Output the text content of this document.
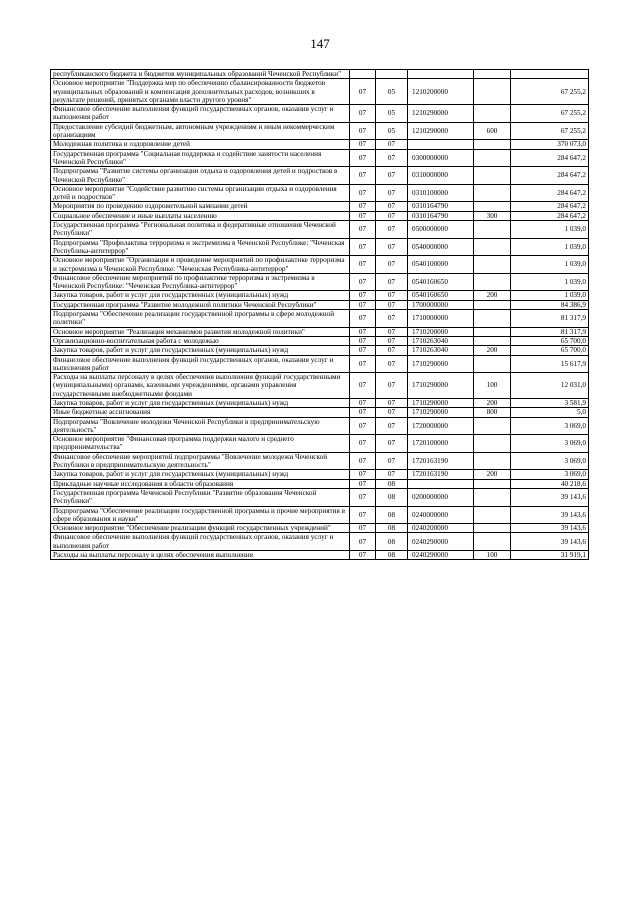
147
республиканского бюджета и бюджетов муниципальных образований Чеченской Республики"					
Основное мероприятие "Поддержка мер по обеспечению сбалансированности бюджетов муниципальных образований и компенсация дополнительных расходов, возникших в результате решений, принятых органами власти другого уровня"	07	05	1210200000		67 255,2
Финансовое обеспечение выполнения функций государственных органов, оказания услуг и выполнения работ	07	05	1210290000		67 255,2
Предоставление субсидий бюджетным, автономным учреждениям и иным некоммерческим организациям	07	05	1210290000	600	67 255,2
Молодежная политика и оздоровление детей	07	07			370 073,0
Государственная программа "Социальная поддержка и содействие занятости населения Чеченской Республики"	07	07	0300000000		284 647,2
Подпрограмма "Развитие системы организации отдыха и оздоровления детей и подростков в Чеченской Республике"	07	07	0310000000		284 647,2
Основное мероприятие "Содействие развитию системы организации отдыха и оздоровления детей и подростков"	07	07	0310100000		284 647,2
Мероприятия по проведению оздоровительной кампании детей	07	07	0310164790		284 647,2
Социальное обеспечение и иные выплаты населению	07	07	0310164790	300	284 647,2
Государственная программа "Региональная политика и федеративные отношения Чеченской Республики"	07	07	0500000000		1 039,0
Подпрограмма "Профилактика терроризма и экстремизма в Чеченской Республике: "Чеченская Республика-антитеррор"	07	07	0540000000		1 039,0
Основное мероприятие "Организация и проведение мероприятий по профилактике терроризма и экстремизма в Чеченской Республике: "Чеченская Республика-антитеррор"	07	07	0540100000		1 039,0
Финансовое обеспечение мероприятий по профилактике терроризма и экстремизма в Чеченской Республике: "Чеченская Республика-антитеррор"	07	07	0540160650		1 039,0
Закупка товаров, работ и услуг для государственных (муниципальных) нужд	07	07	0540160650	200	1 039,0
Государственная программа "Развитие молодежной политики Чеченской Республики"	07	07	1700000000		84 386,9
Подпрограмма "Обеспечение реализации государственной программы в сфере молодежной политики"	07	07	1710000000		81 317,9
Основное мероприятие "Реализация механизмов развития молодежной политики"	07	07	1710200000		81 317,9
Организационно-воспитательная работа с молодежью	07	07	1710263040		65 700,0
Закупка товаров, работ и услуг для государственных (муниципальных) нужд	07	07	1710263040	200	65 700,0
Финансовое обеспечение выполнения функций государственных органов, оказания услуг и выполнения работ	07	07	1710290000		15 617,9
Расходы на выплаты персоналу в целях обеспечения выполнения функций государственными (муниципальными) органами, казенными учреждениями, органами управления государственными внебюджетными фондами	07	07	1710290000	100	12 031,0
Закупка товаров, работ и услуг для государственных (муниципальных) нужд	07	07	1710290000	200	3 581,9
Иные бюджетные ассигнования	07	07	1710290000	800	5,0
Подпрограмма "Вовлечение молодежи Чеченской Республики в предпринимательскую деятельность"	07	07	1720000000		3 069,0
Основное мероприятие "Финансовая программа поддержки малого и среднего предпринимательства"	07	07	1720100000		3 069,0
Финансовое обеспечение мероприятий подпрограммы "Вовлечение молодежи Чеченской Республики в предпринимательскую деятельность"	07	07	1720163190		3 069,0
Закупка товаров, работ и услуг для государственных (муниципальных) нужд	07	07	1720163190	200	3 069,0
Прикладные научные исследования в области образования	07	08			40 218,6
Государственная программа Чеченской Республики "Развитие образования Чеченской Республики"	07	08	0200000000		39 143,6
Подпрограмма "Обеспечение реализации государственной программы и прочие мероприятия в сфере образования и науки"	07	08	0240000000		39 143,6
Основное мероприятие "Обеспечение реализации функций государственных учреждений"	07	08	0240200000		39 143,6
Финансовое обеспечение выполнения функций государственных органов, оказания услуг и выполнения работ	07	08	0240290000		39 143,6
Расходы на выплаты персоналу в целях обеспечения выполнения	07	08	0240290000	100	31 919,1
